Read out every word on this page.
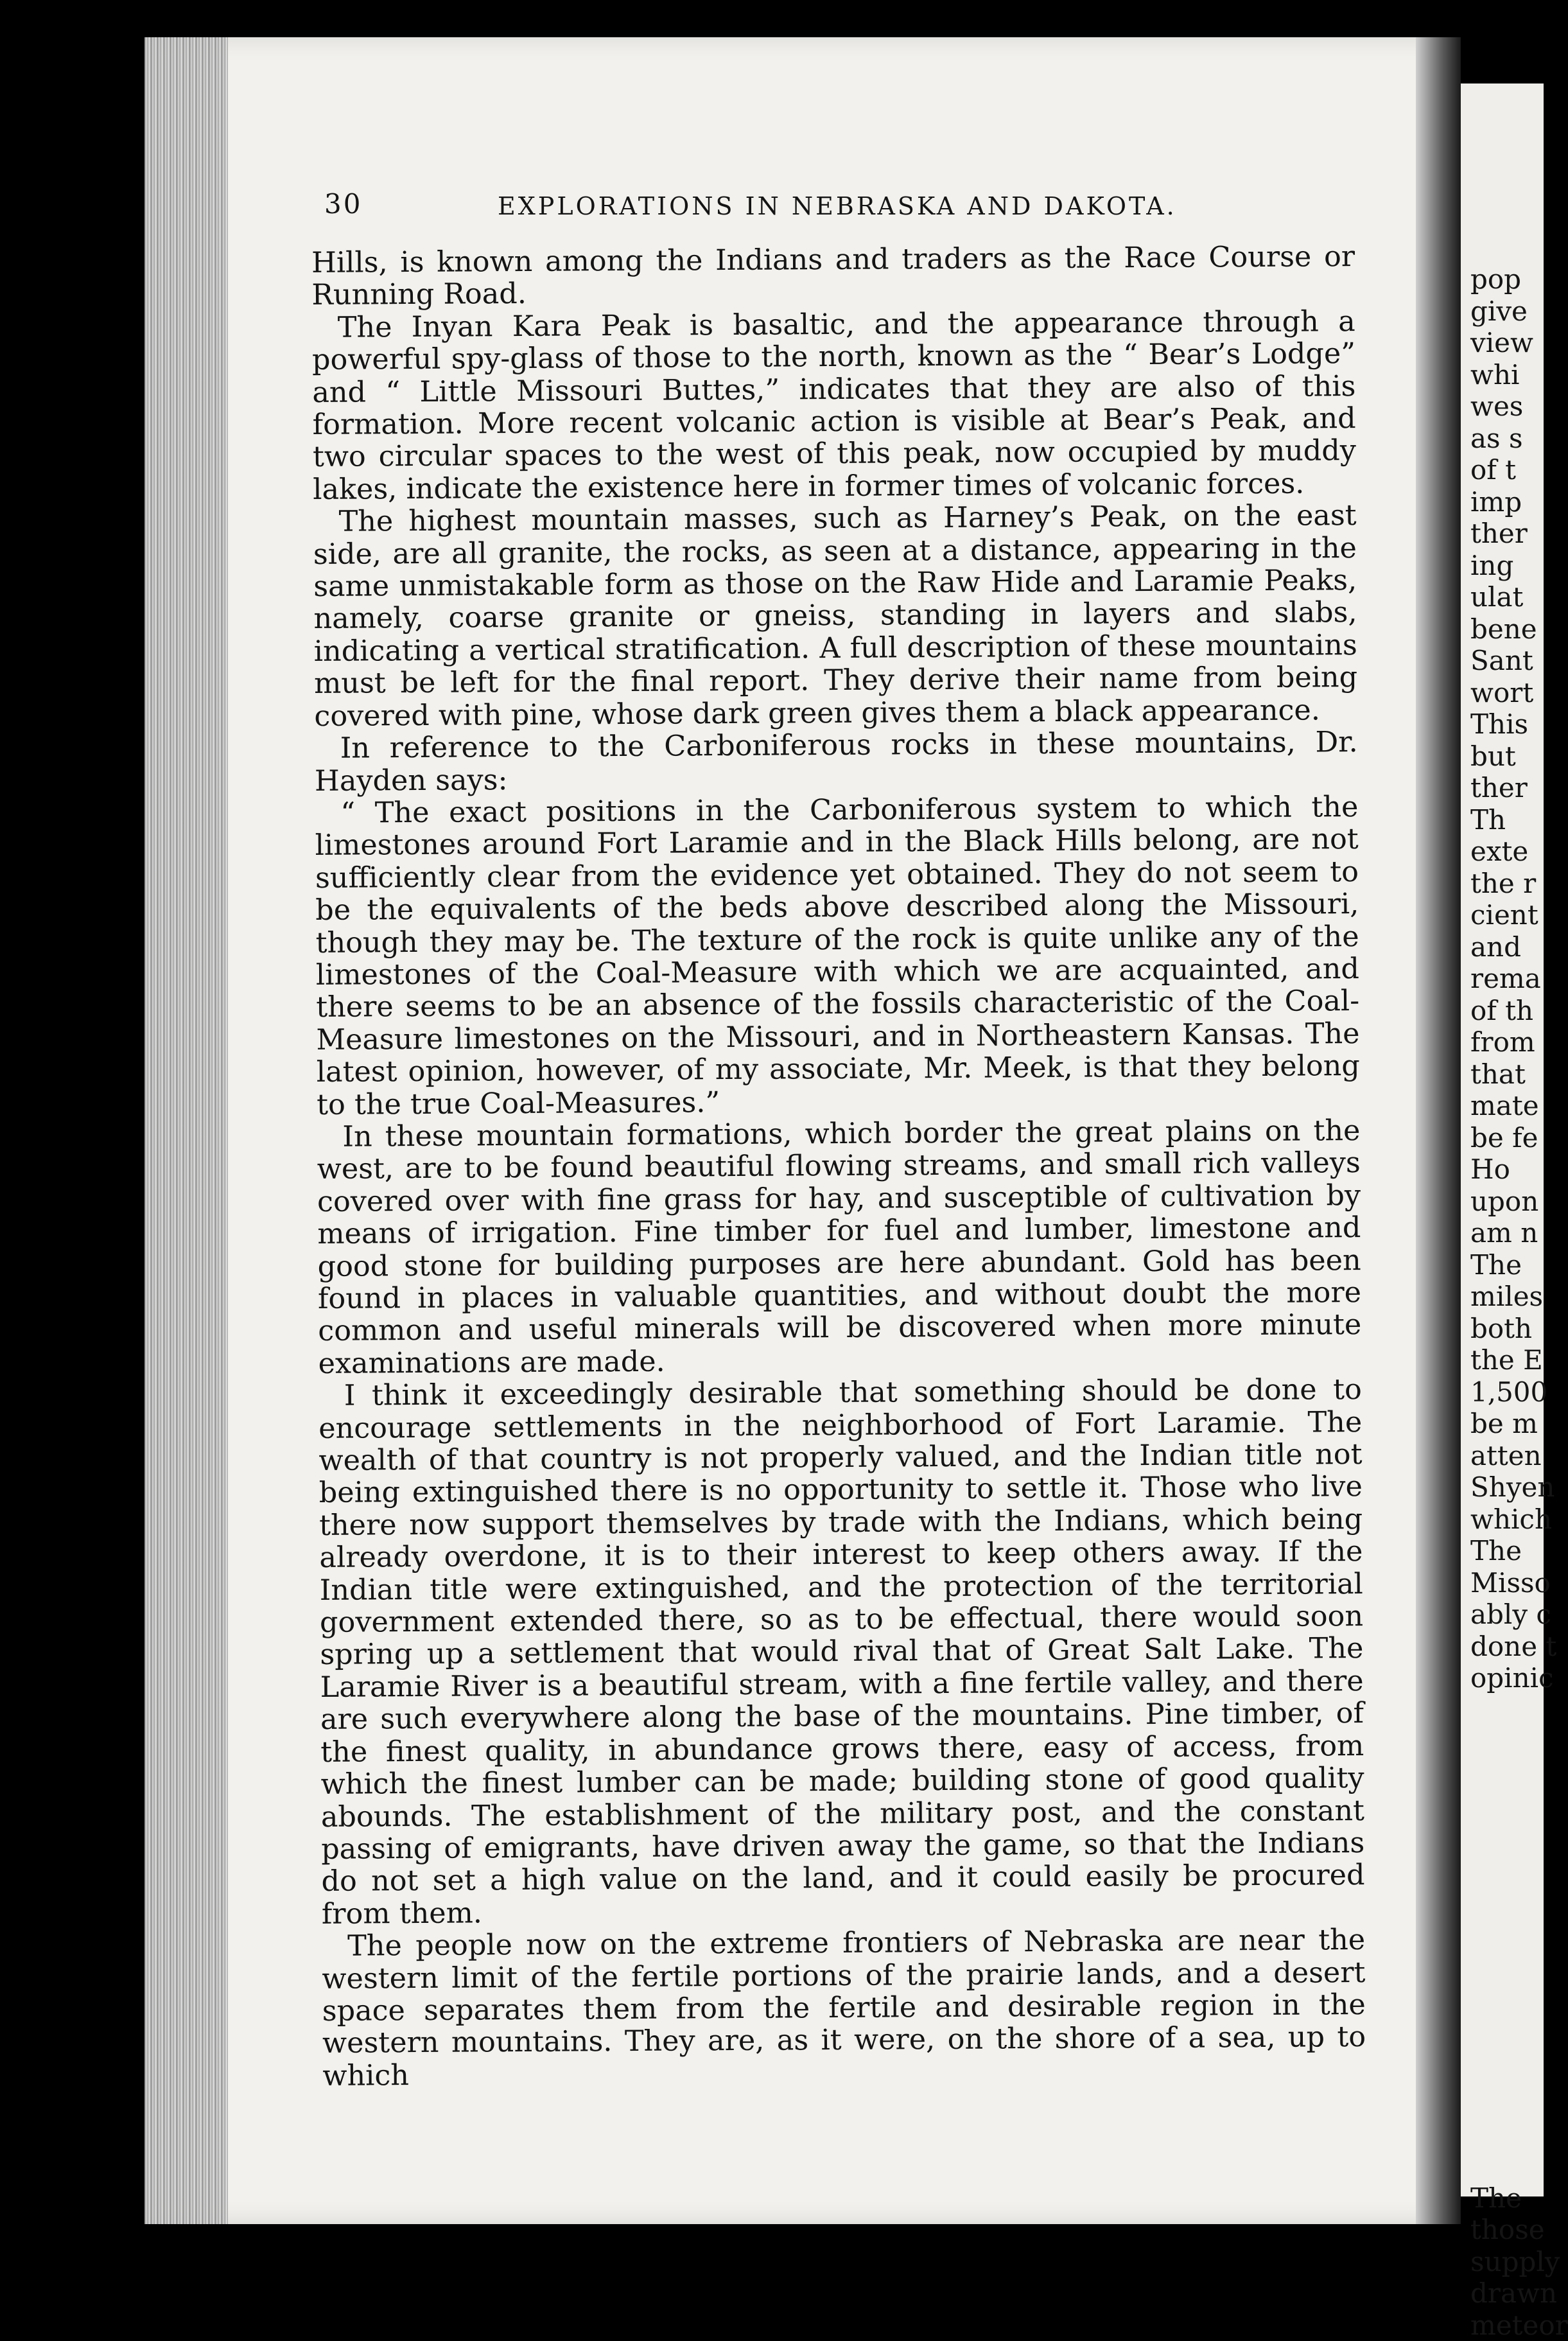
30	EXPLORATIONS IN NEBRASKA AND DAKOTA.

Hills, is known among the Indians and traders as the Race Course or Running Road.

The Inyan Kara Peak is basaltic, and the appearance through a powerful spy-glass of those to the north, known as the “ Bear’s Lodge” and “ Little Missouri Buttes,” indicates that they are also of this formation. More recent volcanic action is visible at Bear’s Peak, and two circular spaces to the west of this peak, now occupied by muddy lakes, indicate the existence here in former times of volcanic forces.

The highest mountain masses, such as Harney’s Peak, on the east side, are all granite, the rocks, as seen at a distance, appearing in the same unmistakable form as those on the Raw Hide and Laramie Peaks, namely, coarse granite or gneiss, standing in layers and slabs, indicating a vertical stratification. A full description of these mountains must be left for the final report. They derive their name from being covered with pine, whose dark green gives them a black appearance.

In reference to the Carboniferous rocks in these mountains, Dr. Hayden says:

“ The exact positions in the Carboniferous system to which the limestones around Fort Laramie and in the Black Hills belong, are not sufficiently clear from the evidence yet obtained. They do not seem to be the equivalents of the beds above described along the Missouri, though they may be. The texture of the rock is quite unlike any of the limestones of the Coal-Measure with which we are acquainted, and there seems to be an absence of the fossils characteristic of the Coal-Measure limestones on the Missouri, and in Northeastern Kansas. The latest opinion, however, of my associate, Mr. Meek, is that they belong to the true Coal-Measures.”

In these mountain formations, which border the great plains on the west, are to be found beautiful flowing streams, and small rich valleys covered over with fine grass for hay, and susceptible of cultivation by means of irrigation. Fine timber for fuel and lumber, limestone and good stone for building purposes are here abundant. Gold has been found in places in valuable quantities, and without doubt the more common and useful minerals will be discovered when more minute examinations are made.

I think it exceedingly desirable that something should be done to encourage settlements in the neighborhood of Fort Laramie. The wealth of that country is not properly valued, and the Indian title not being extinguished there is no opportunity to settle it. Those who live there now support themselves by trade with the Indians, which being already overdone, it is to their interest to keep others away. If the Indian title were extinguished, and the protection of the territorial government extended there, so as to be effectual, there would soon spring up a settlement that would rival that of Great Salt Lake. The Laramie River is a beautiful stream, with a fine fertile valley, and there are such everywhere along the base of the mountains. Pine timber, of the finest quality, in abundance grows there, easy of access, from which the finest lumber can be made; building stone of good quality abounds. The establishment of the military post, and the constant passing of emigrants, have driven away the game, so that the Indians do not set a high value on the land, and it could easily be procured from them.

The people now on the extreme frontiers of Nebraska are near the western limit of the fertile portions of the prairie lands, and a desert space separates them from the fertile and desirable region in the western mountains. They are, as it were, on the shore of a sea, up to which

pop
give
view
whi
wes
as s
of t
imp
ther
ing
ulat
bene
Sant
wort
This
but
ther
Th
exte
the r
cient
and
rema
of th
from
that
mate
be fe
Ho
upon
am n
The
miles
both
the E
1,500
be m
atten
Shyen
which
The
Misso
ably c
done t
opinic
The
those
supply
drawn
meteor
